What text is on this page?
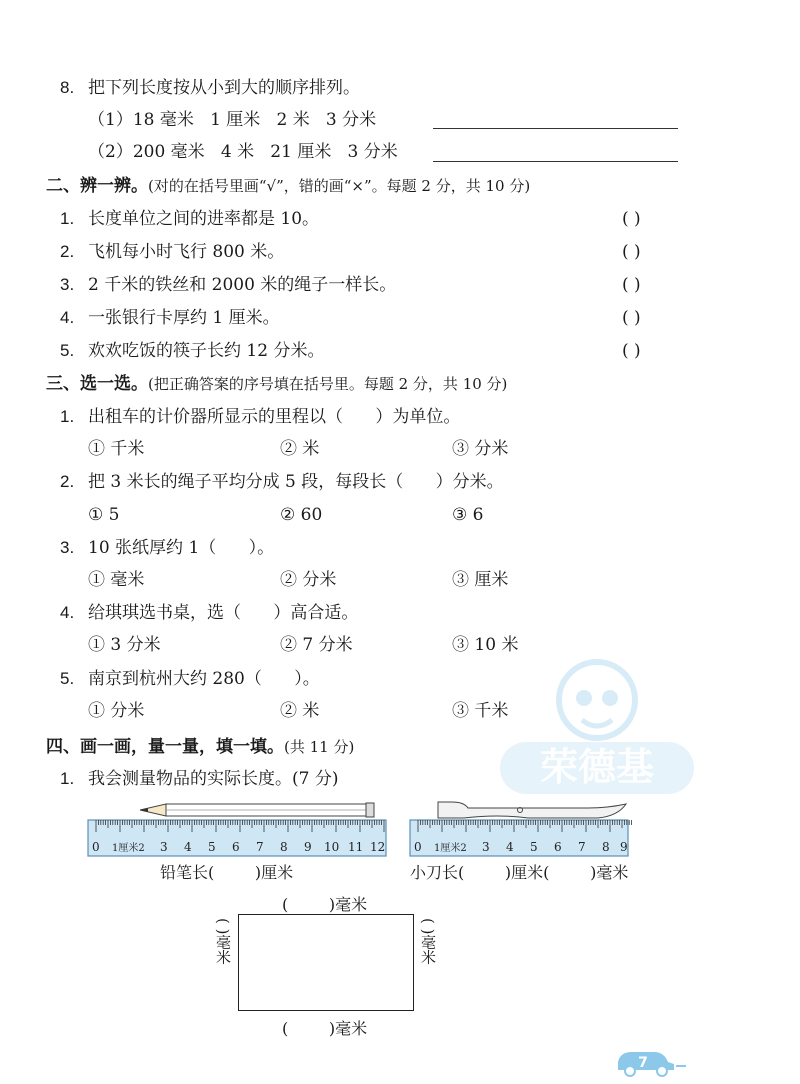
8. 把下列长度按从小到大的顺序排列。
（1）18 毫米   1 厘米   2 米   3 分米
（2）200 毫米   4 米   21 厘米   3 分米
二、辨一辨。(对的在括号里画“√”，错的画“×”。每题 2 分，共 10 分)
1. 长度单位之间的进率都是 10。	( )
2. 飞机每小时飞行 800 米。	( )
3. 2 千米的铁丝和 2000 米的绳子一样长。	( )
4. 一张银行卡厚约 1 厘米。	( )
5. 欢欢吃饭的筷子长约 12 分米。	( )
三、选一选。(把正确答案的序号填在括号里。每题 2 分，共 10 分)
1. 出租车的计价器所显示的里程以（      ）为单位。
① 千米	② 米	③ 分米
2. 把 3 米长的绳子平均分成 5 段，每段长（      ）分米。
① 5	② 60	③ 6
3. 10 张纸厚约 1（      ）。
① 毫米	② 分米	③ 厘米
4. 给琪琪选书桌，选（      ）高合适。
① 3 分米	② 7 分米	③ 10 米
5. 南京到杭州大约 280（      ）。
① 分米	② 米	③ 千米
荣德基
四、画一画，量一量，填一填。(共 11 分)
1. 我会测量物品的实际长度。(7 分)
0 1厘米2 3 4 5 6 7 8 9 10 11 12
铅笔长(        )厘米
0 1厘米2 3 4 5 6 7 8 9
小刀长(        )厘米(        )毫米
(        )毫米
( )毫米	( )毫米
(        )毫米
7
